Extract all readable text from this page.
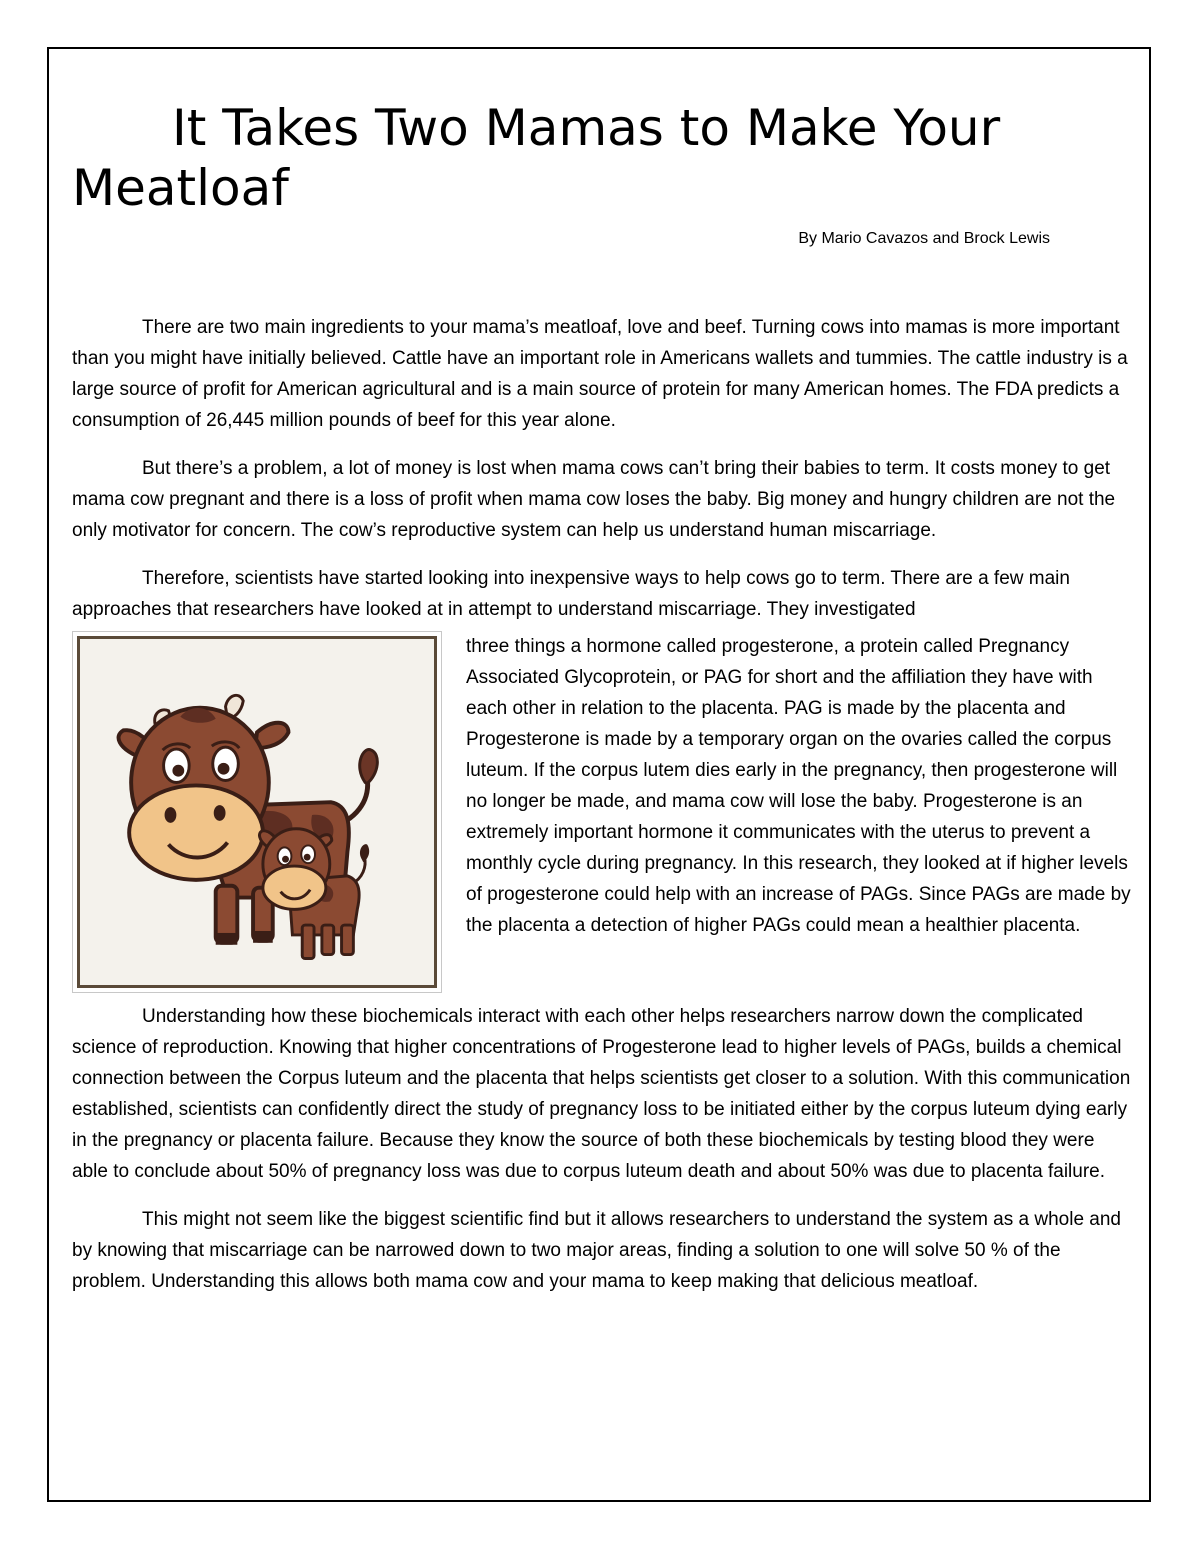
It Takes Two Mamas to Make Your Meatloaf
By Mario Cavazos and Brock Lewis

There are two main ingredients to your mama’s meatloaf, love and beef. Turning cows into mamas is more important than you might have initially believed. Cattle have an important role in Americans wallets and tummies. The cattle industry is a large source of profit for American agricultural and is a main source of protein for many American homes. The FDA predicts a consumption of 26,445 million pounds of beef for this year alone.

But there’s a problem, a lot of money is lost when mama cows can’t bring their babies to term. It costs money to get mama cow pregnant and there is a loss of profit when mama cow loses the baby. Big money and hungry children are not the only motivator for concern. The cow’s reproductive system can help us understand human miscarriage.

Therefore, scientists have started looking into inexpensive ways to help cows go to term. There are a few main approaches that researchers have looked at in attempt to understand miscarriage. They investigated

three things a hormone called progesterone, a protein called Pregnancy Associated Glycoprotein, or PAG for short and the affiliation they have with each other in relation to the placenta. PAG is made by the placenta and Progesterone is made by a temporary organ on the ovaries called the corpus luteum. If the corpus lutem dies early in the pregnancy, then progesterone will no longer be made, and mama cow will lose the baby. Progesterone is an extremely important hormone it communicates with the uterus to prevent a monthly cycle during pregnancy. In this research, they looked at if higher levels of progesterone could help with an increase of PAGs. Since PAGs are made by the placenta a detection of higher PAGs could mean a healthier placenta.

Understanding how these biochemicals interact with each other helps researchers narrow down the complicated science of reproduction. Knowing that higher concentrations of Progesterone lead to higher levels of PAGs, builds a chemical connection between the Corpus luteum and the placenta that helps scientists get closer to a solution. With this communication established, scientists can confidently direct the study of pregnancy loss to be initiated either by the corpus luteum dying early in the pregnancy or placenta failure. Because they know the source of both these biochemicals by testing blood they were able to conclude about 50% of pregnancy loss was due to corpus luteum death and about 50% was due to placenta failure.

This might not seem like the biggest scientific find but it allows researchers to understand the system as a whole and by knowing that miscarriage can be narrowed down to two major areas, finding a solution to one will solve 50 % of the problem. Understanding this allows both mama cow and your mama to keep making that delicious meatloaf.
